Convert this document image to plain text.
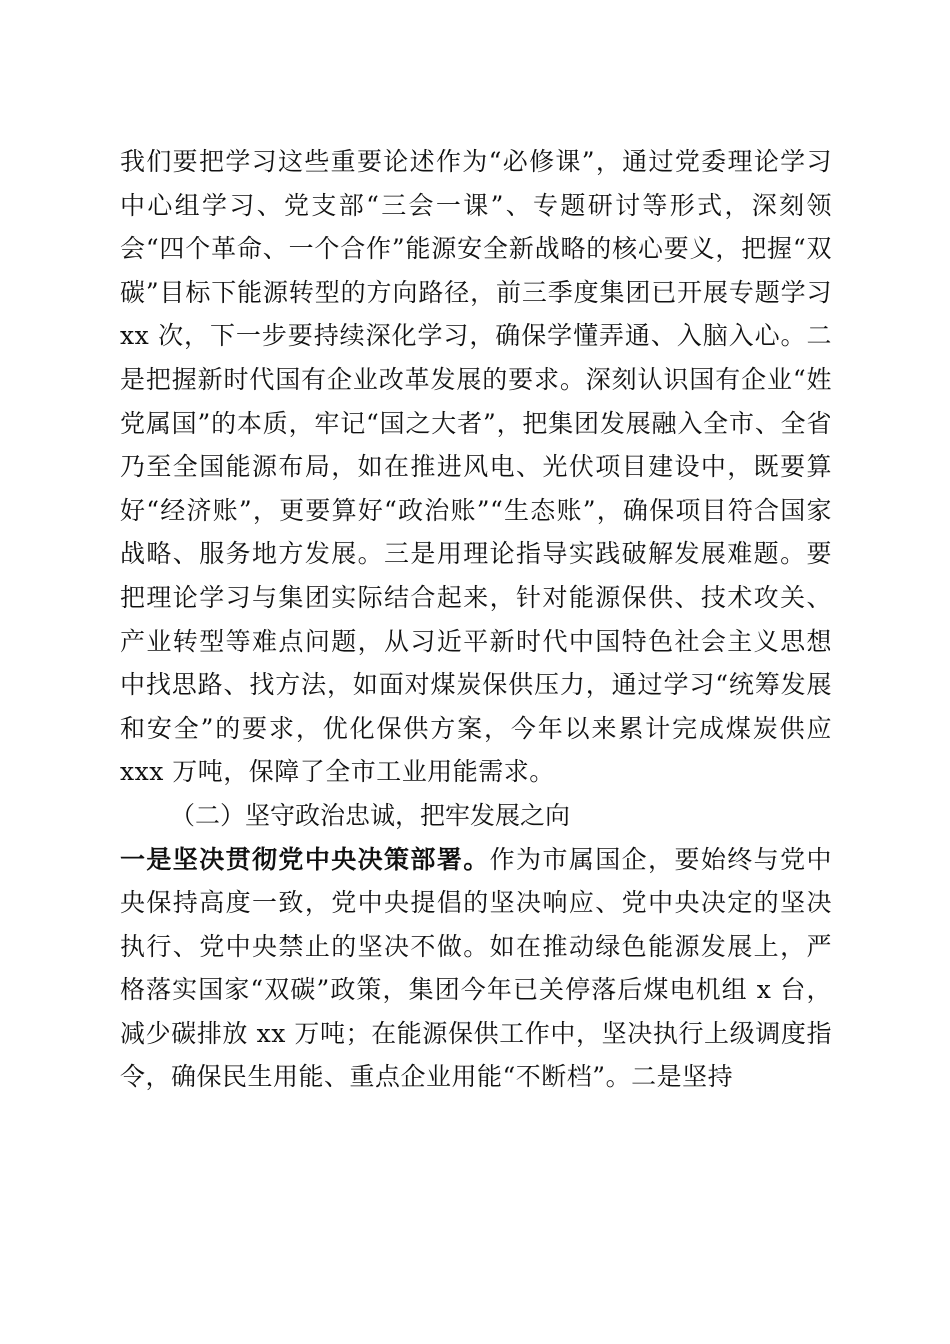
我们要把学习这些重要论述作为“必修课”，通过党委理论学习中心组学习、党支部“三会一课”、专题研讨等形式，深刻领会“四个革命、一个合作”能源安全新战略的核心要义，把握“双碳”目标下能源转型的方向路径，前三季度集团已开展专题学习 xx 次，下一步要持续深化学习，确保学懂弄通、入脑入心。二是把握新时代国有企业改革发展的要求。深刻认识国有企业“姓党属国”的本质，牢记“国之大者”，把集团发展融入全市、全省乃至全国能源布局，如在推进风电、光伏项目建设中，既要算好“经济账”，更要算好“政治账”“生态账”，确保项目符合国家战略、服务地方发展。三是用理论指导实践破解发展难题。要把理论学习与集团实际结合起来，针对能源保供、技术攻关、产业转型等难点问题，从习近平新时代中国特色社会主义思想中找思路、找方法，如面对煤炭保供压力，通过学习“统筹发展和安全”的要求，优化保供方案，今年以来累计完成煤炭供应 xxx 万吨，保障了全市工业用能需求。

（二）坚守政治忠诚，把牢发展之向

一是坚决贯彻党中央决策部署。作为市属国企，要始终与党中央保持高度一致，党中央提倡的坚决响应、党中央决定的坚决执行、党中央禁止的坚决不做。如在推动绿色能源发展上，严格落实国家“双碳”政策，集团今年已关停落后煤电机组 x 台，减少碳排放 xx 万吨；在能源保供工作中，坚决执行上级调度指令，确保民生用能、重点企业用能“不断档”。二是坚持
